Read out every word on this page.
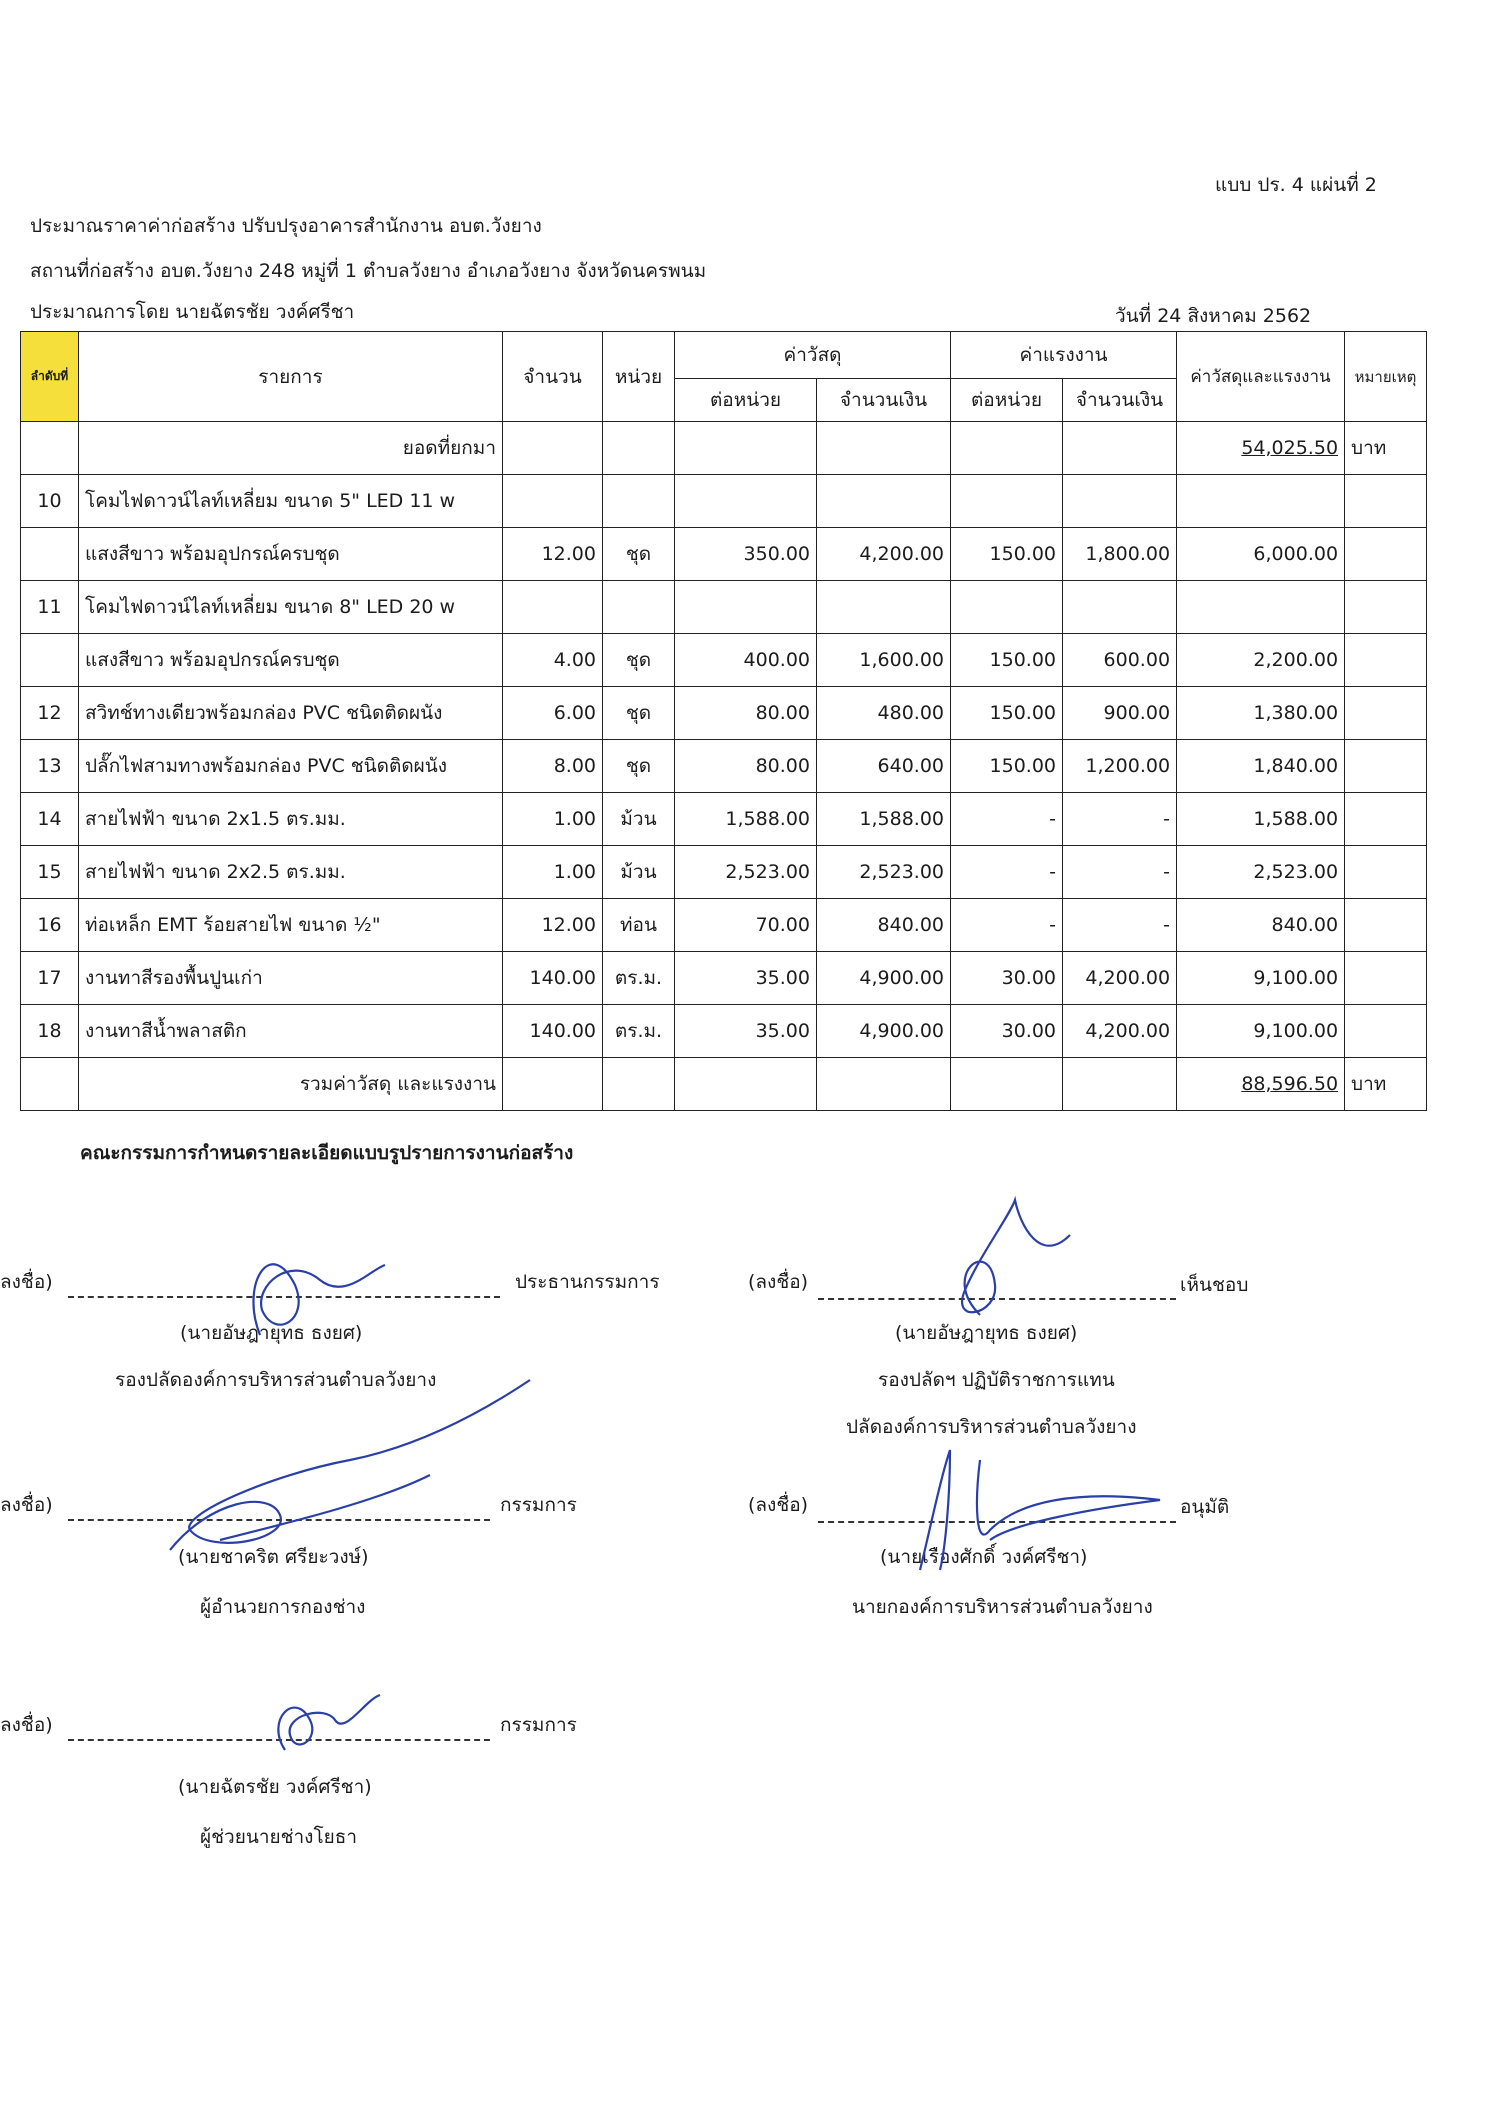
แบบ ปร. 4 แผ่นที่ 2
ประมาณราคาค่าก่อสร้าง ปรับปรุงอาคารสำนักงาน อบต.วังยาง
สถานที่ก่อสร้าง อบต.วังยาง 248 หมู่ที่ 1 ตำบลวังยาง อำเภอวังยาง จังหวัดนครพนม
ประมาณการโดย นายฉัตรชัย วงค์ศรีชา	วันที่ 24 สิงหาคม 2562
ลำดับที่	รายการ	จำนวน	หน่วย	ค่าวัสดุ		ค่าแรงงาน		ค่าวัสดุและแรงงาน	หมายเหตุ
				ต่อหน่วย	จำนวนเงิน	ต่อหน่วย	จำนวนเงิน		
	ยอดที่ยกมา							54,025.50	บาท
10	โคมไฟดาวน์ไลท์เหลี่ยม ขนาด 5" LED 11 w								
	แสงสีขาว พร้อมอุปกรณ์ครบชุด	12.00	ชุด	350.00	4,200.00	150.00	1,800.00	6,000.00	
11	โคมไฟดาวน์ไลท์เหลี่ยม ขนาด 8" LED 20 w								
	แสงสีขาว พร้อมอุปกรณ์ครบชุด	4.00	ชุด	400.00	1,600.00	150.00	600.00	2,200.00	
12	สวิทช์ทางเดียวพร้อมกล่อง PVC ชนิดติดผนัง	6.00	ชุด	80.00	480.00	150.00	900.00	1,380.00	
13	ปลั๊กไฟสามทางพร้อมกล่อง PVC ชนิดติดผนัง	8.00	ชุด	80.00	640.00	150.00	1,200.00	1,840.00	
14	สายไฟฟ้า ขนาด 2x1.5 ตร.มม.	1.00	ม้วน	1,588.00	1,588.00	-	-	1,588.00	
15	สายไฟฟ้า ขนาด 2x2.5 ตร.มม.	1.00	ม้วน	2,523.00	2,523.00	-	-	2,523.00	
16	ท่อเหล็ก EMT ร้อยสายไฟ ขนาด ½"	12.00	ท่อน	70.00	840.00	-	-	840.00	
17	งานทาสีรองพื้นปูนเก่า	140.00	ตร.ม.	35.00	4,900.00	30.00	4,200.00	9,100.00	
18	งานทาสีน้ำพลาสติก	140.00	ตร.ม.	35.00	4,900.00	30.00	4,200.00	9,100.00	
	รวมค่าวัสดุ และแรงงาน							88,596.50	บาท
คณะกรรมการกำหนดรายละเอียดแบบรูปรายการงานก่อสร้าง
ลงชื่อ)	ประธานกรรมการ
(นายอัษฎายุทธ ธงยศ)
รองปลัดองค์การบริหารส่วนตำบลวังยาง
ลงชื่อ)	กรรมการ
(นายชาคริต ศรียะวงษ์)
ผู้อำนวยการกองช่าง
ลงชื่อ)	กรรมการ
(นายฉัตรชัย วงค์ศรีชา)
ผู้ช่วยนายช่างโยธา
(ลงชื่อ)	เห็นชอบ
(นายอัษฎายุทธ ธงยศ)
รองปลัดฯ ปฏิบัติราชการแทน
ปลัดองค์การบริหารส่วนตำบลวังยาง
(ลงชื่อ)	อนุมัติ
(นายเรืองศักดิ์ วงค์ศรีชา)
นายกองค์การบริหารส่วนตำบลวังยาง
